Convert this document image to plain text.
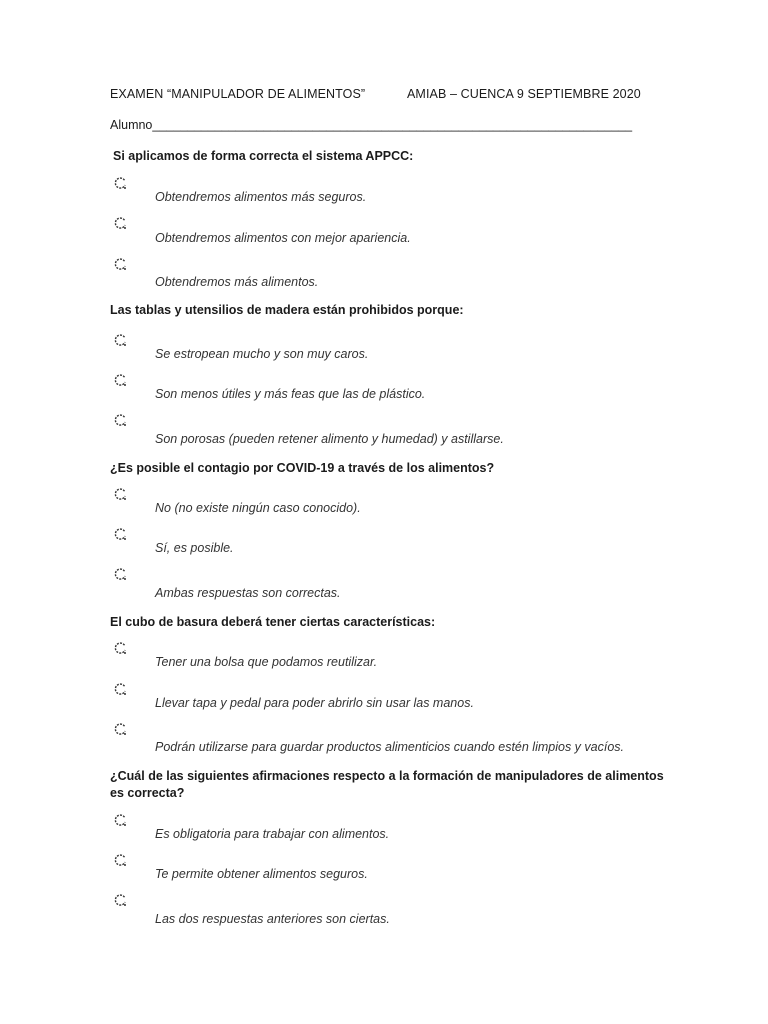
EXAMEN “MANIPULADOR DE ALIMENTOS”	AMIAB – CUENCA 9 SEPTIEMBRE 2020
Alumno_____________________________________________________________________
Si aplicamos de forma correcta el sistema APPCC:
Obtendremos alimentos más seguros.
Obtendremos alimentos con mejor apariencia.
Obtendremos más alimentos.
Las tablas y utensilios de madera están prohibidos porque:
Se estropean mucho y son muy caros.
Son menos útiles y más feas que las de plástico.
Son porosas (pueden retener alimento y humedad) y astillarse.
¿Es posible el contagio por COVID-19 a través de los alimentos?
No (no existe ningún caso conocido).
Sí, es posible.
Ambas respuestas son correctas.
El cubo de basura deberá tener ciertas características:
Tener una bolsa que podamos reutilizar.
Llevar tapa y pedal para poder abrirlo sin usar las manos.
Podrán utilizarse para guardar productos alimenticios cuando estén limpios y vacíos.
¿Cuál de las siguientes afirmaciones respecto a la formación de manipuladores de alimentos es correcta?
Es obligatoria para trabajar con alimentos.
Te permite obtener alimentos seguros.
Las dos respuestas anteriores son ciertas.
